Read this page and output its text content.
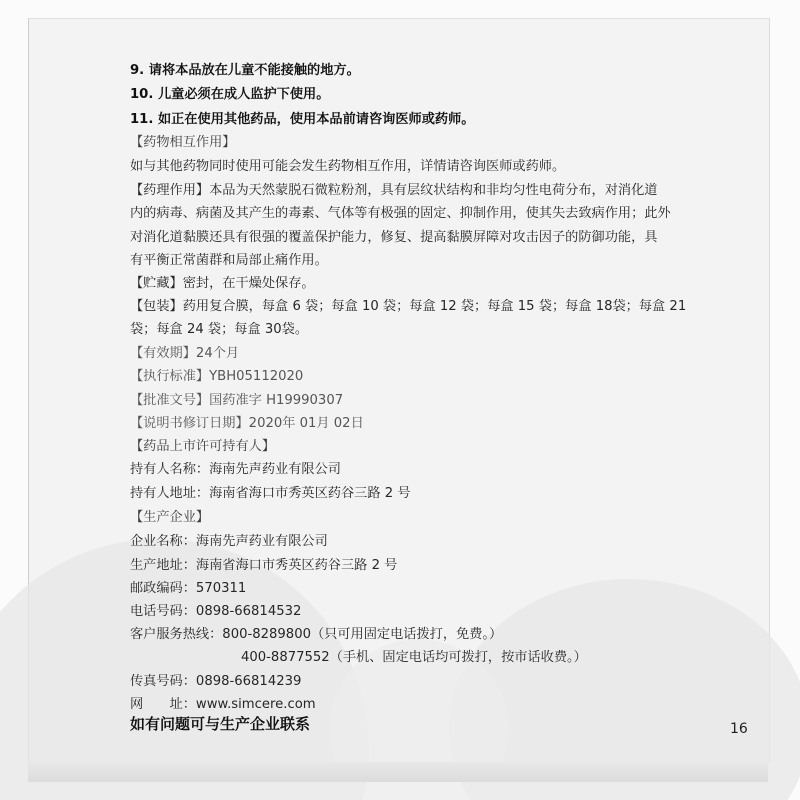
9. 请将本品放在儿童不能接触的地方。
10. 儿童必须在成人监护下使用。
11. 如正在使用其他药品，使用本品前请咨询医师或药师。
【药物相互作用】
如与其他药物同时使用可能会发生药物相互作用，详情请咨询医师或药师。
【药理作用】本品为天然蒙脱石微粒粉剂，具有层纹状结构和非均匀性电荷分布，对消化道
内的病毒、病菌及其产生的毒素、气体等有极强的固定、抑制作用，使其失去致病作用；此外
对消化道黏膜还具有很强的覆盖保护能力，修复、提高黏膜屏障对攻击因子的防御功能，具
有平衡正常菌群和局部止痛作用。
【贮藏】密封，在干燥处保存。
【包装】药用复合膜，每盒 6 袋；每盒 10 袋；每盒 12 袋；每盒 15 袋；每盒 18袋；每盒 21
袋；每盒 24 袋；每盒 30袋。
【有效期】24个月
【执行标准】YBH05112020
【批准文号】国药准字 H19990307
【说明书修订日期】2020年 01月 02日
【药品上市许可持有人】
持有人名称：海南先声药业有限公司
持有人地址：海南省海口市秀英区药谷三路 2 号
【生产企业】
企业名称：海南先声药业有限公司
生产地址：海南省海口市秀英区药谷三路 2 号
邮政编码：570311
电话号码：0898-66814532
客户服务热线：800-8289800（只可用固定电话拨打，免费。）
400-8877552（手机、固定电话均可拨打，按市话收费。）
传真号码：0898-66814239
网　　址：www.simcere.com
如有问题可与生产企业联系	16
